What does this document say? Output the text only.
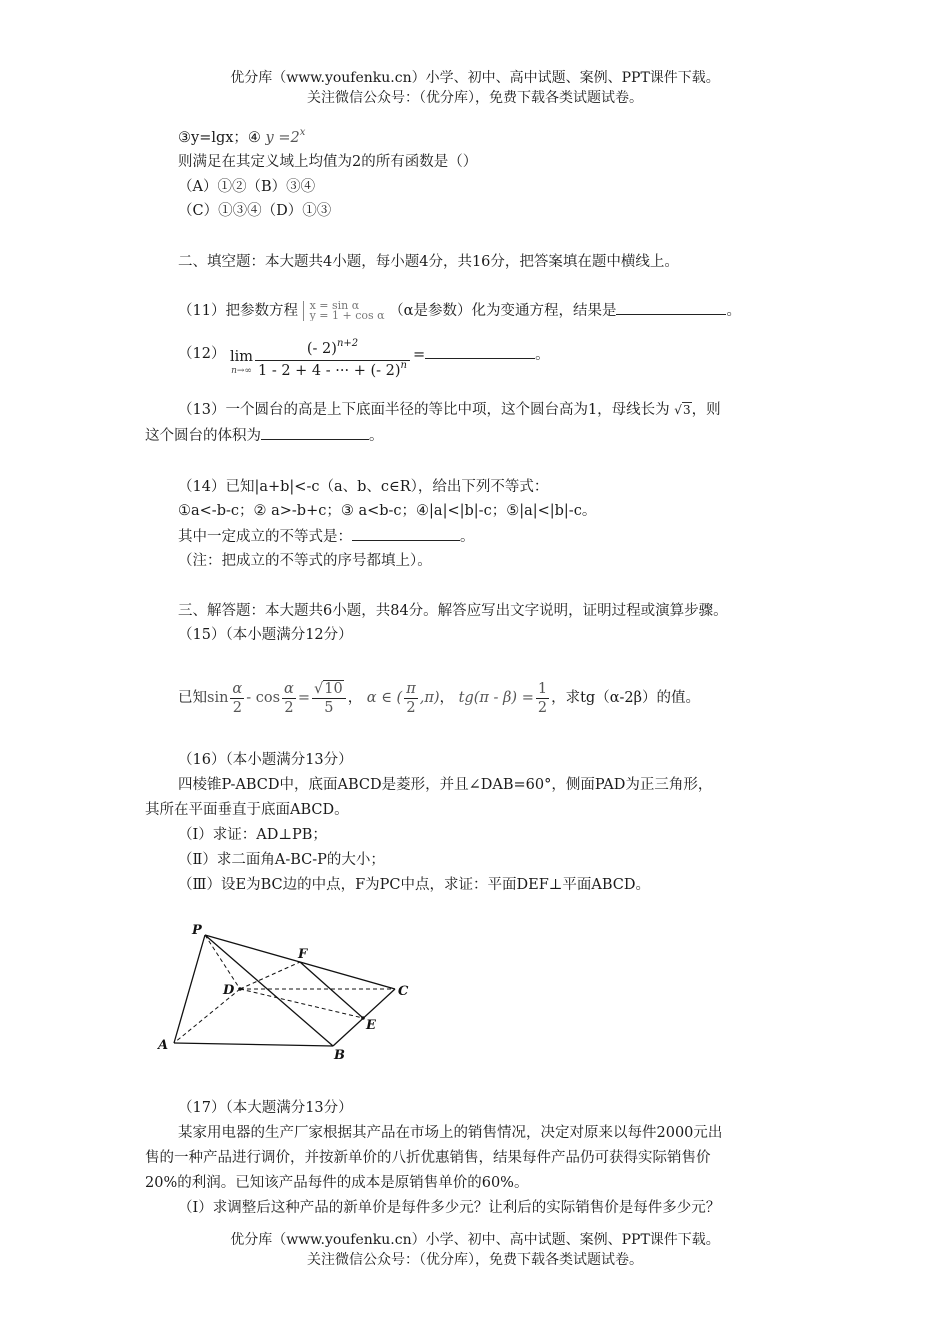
优分库（www.youfenku.cn）小学、初中、高中试题、案例、PPT课件下载。
关注微信公众号：（优分库），免费下载各类试题试卷。
③y=lgx；④ $y =2^x$
则满足在其定义域上均值为2的所有函数是（）
（A）①②（B）③④
（C）①③④（D）①③
二、填空题：本大题共4小题，每小题4分，共16分，把答案填在题中横线上。
（11）把参数方程 x = sin α
y = 1 + cos α （α是参数）化为变通方程，结果是	。
（12） lim
$n\to\infty \frac{(- 2)^{n+2}}{1 - 2 + 4 - \cdot\cdot\cdot + (- 2)^n}$ =	。
（13）一个圆台的高是上下底面半径的等比中项，这个圆台高为1，母线长为 √3，则
这个圆台的体积为	。
（14）已知|a+b|<-c（a、b、c∈R），给出下列不等式：
①a<-b-c；② a>-b+c；③ a<b-c；④|a|<|b|-c；⑤|a|<|b|-c。
其中一定成立的不等式是：	。
（注：把成立的不等式的序号都填上）。
三、解答题：本大题共6小题，共84分。解答应写出文字说明，证明过程或演算步骤。
（15）（本小题满分12分）
已知$\sin \frac{\alpha}{2} - \cos \frac{\alpha}{2} = \frac{√10}{5}$ ， α ∈ ( $\frac{\pi}{2} ,\pi$)， $tg(\pi - \beta) = \frac{1}{2}$ ，求tg（α-2β）的值。
（16）（本小题满分13分）
四棱锥P-ABCD中，底面ABCD是菱形，并且∠DAB=60°，侧面PAD为正三角形，
其所在平面垂直于底面ABCD。
（I）求证：AD⊥PB；
（Ⅱ）求二面角A-BC-P的大小；
（Ⅲ）设E为BC边的中点，F为PC中点，求证：平面DEF⊥平面ABCD。
P
F
D	C
E
A
B
（17）（本大题满分13分）
某家用电器的生产厂家根据其产品在市场上的销售情况，决定对原来以每件2000元出
售的一种产品进行调价，并按新单价的八折优惠销售，结果每件产品仍可获得实际销售价
20%的利润。已知该产品每件的成本是原销售单价的60%。
（I）求调整后这种产品的新单价是每件多少元？让利后的实际销售价是每件多少元？
优分库（www.youfenku.cn）小学、初中、高中试题、案例、PPT课件下载。
关注微信公众号：（优分库），免费下载各类试题试卷。
